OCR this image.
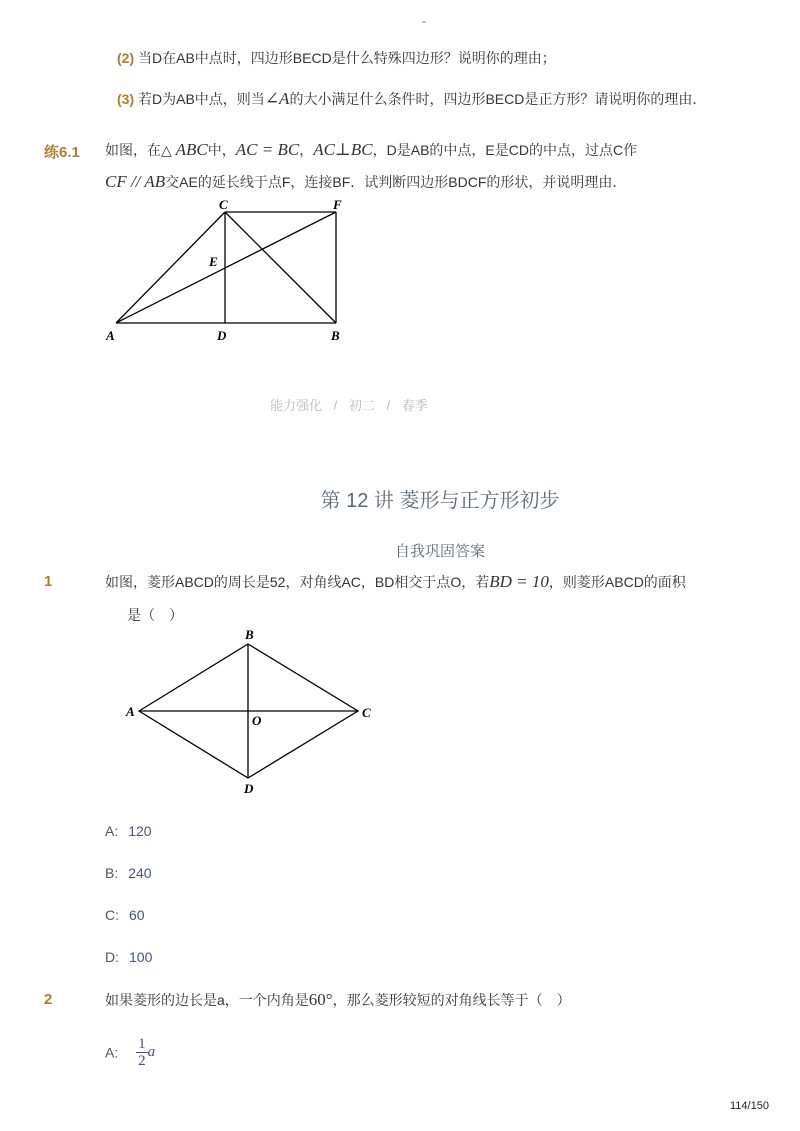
-
(2) 当D在AB中点时，四边形BECD是什么特殊四边形？说明你的理由；
(3) 若D为AB中点，则当∠A的大小满足什么条件时，四边形BECD是正方形？请说明你的理由．
练6.1 如图，在△ ABC中，AC = BC，AC⊥BC，D是AB的中点，E是CD的中点，过点C作
CF // AB交AE的延长线于点F，连接BF．试判断四边形BDCF的形状，并说明理由．
C	F
E
A	D	B
能力强化 / 初二 / 春季
第 12 讲 菱形与正方形初步
自我巩固答案
1	如图，菱形ABCD的周长是52，对角线AC，BD相交于点O，若BD = 10，则菱形ABCD的面积
是（　）
B
A	C
O
D
A: 120
B: 240
C: 60
D: 100
2	如果菱形的边长是a，一个内角是60°，那么菱形较短的对角线长等于（　）
A: $\frac{1}{2}$ a
114/150
